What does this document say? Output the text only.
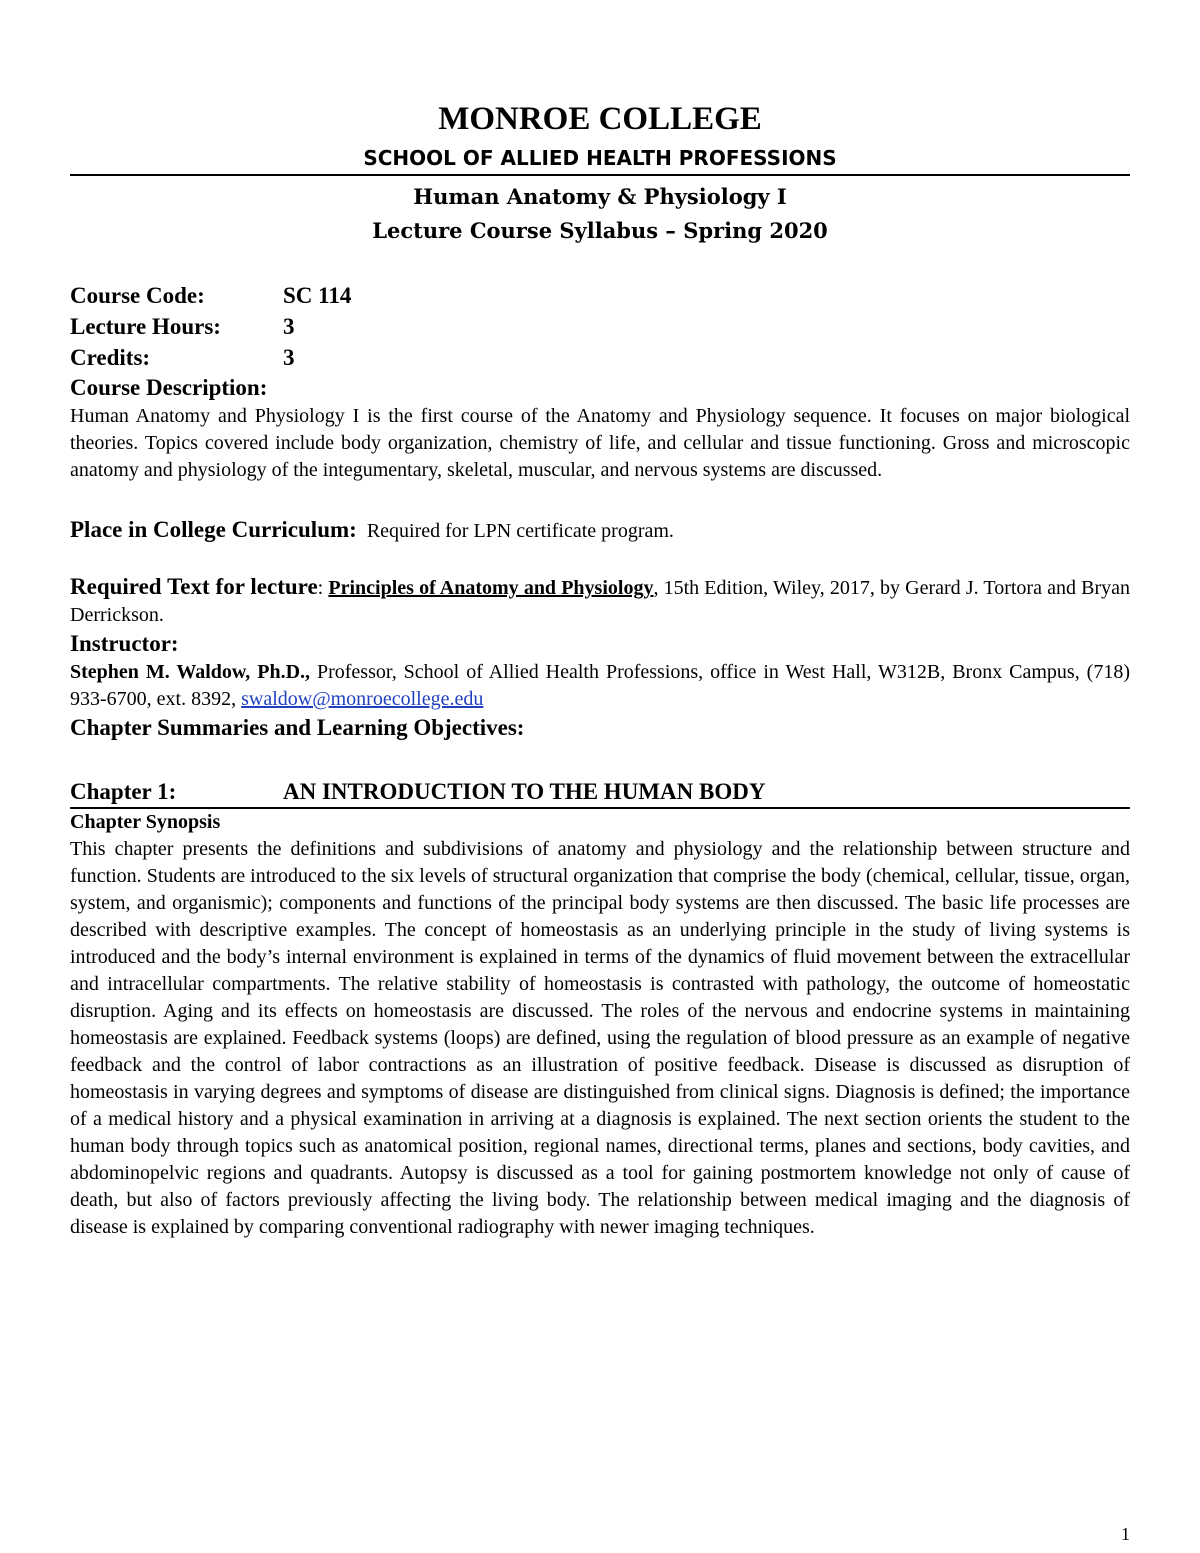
MONROE COLLEGE
SCHOOL OF ALLIED HEALTH PROFESSIONS
Human Anatomy & Physiology I
Lecture Course Syllabus – Spring 2020
Course Code:	SC 114
Lecture Hours:	3
Credits:	3
Course Description:

Human Anatomy and Physiology I is the first course of the Anatomy and Physiology sequence. It focuses on major biological theories. Topics covered include body organization, chemistry of life, and cellular and tissue functioning. Gross and microscopic anatomy and physiology of the integumentary, skeletal, muscular, and nervous systems are discussed.

Place in College Curriculum: Required for LPN certificate program.

Required Text for lecture: Principles of Anatomy and Physiology, 15th Edition, Wiley, 2017, by Gerard J. Tortora and Bryan Derrickson.

Instructor:

Stephen M. Waldow, Ph.D., Professor, School of Allied Health Professions, office in West Hall, W312B, Bronx Campus, (718) 933-6700, ext. 8392, swaldow@monroecollege.edu

Chapter Summaries and Learning Objectives:
Chapter 1:	AN INTRODUCTION TO THE HUMAN BODY
Chapter Synopsis

This chapter presents the definitions and subdivisions of anatomy and physiology and the relationship between structure and function. Students are introduced to the six levels of structural organization that comprise the body (chemical, cellular, tissue, organ, system, and organismic); components and functions of the principal body systems are then discussed. The basic life processes are described with descriptive examples. The concept of homeostasis as an underlying principle in the study of living systems is introduced and the body’s internal environment is explained in terms of the dynamics of fluid movement between the extracellular and intracellular compartments. The relative stability of homeostasis is contrasted with pathology, the outcome of homeostatic disruption. Aging and its effects on homeostasis are discussed. The roles of the nervous and endocrine systems in maintaining homeostasis are explained. Feedback systems (loops) are defined, using the regulation of blood pressure as an example of negative feedback and the control of labor contractions as an illustration of positive feedback. Disease is discussed as disruption of homeostasis in varying degrees and symptoms of disease are distinguished from clinical signs. Diagnosis is defined; the importance of a medical history and a physical examination in arriving at a diagnosis is explained. The next section orients the student to the human body through topics such as anatomical position, regional names, directional terms, planes and sections, body cavities, and abdominopelvic regions and quadrants. Autopsy is discussed as a tool for gaining postmortem knowledge not only of cause of death, but also of factors previously affecting the living body. The relationship between medical imaging and the diagnosis of disease is explained by comparing conventional radiography with newer imaging techniques.

1
